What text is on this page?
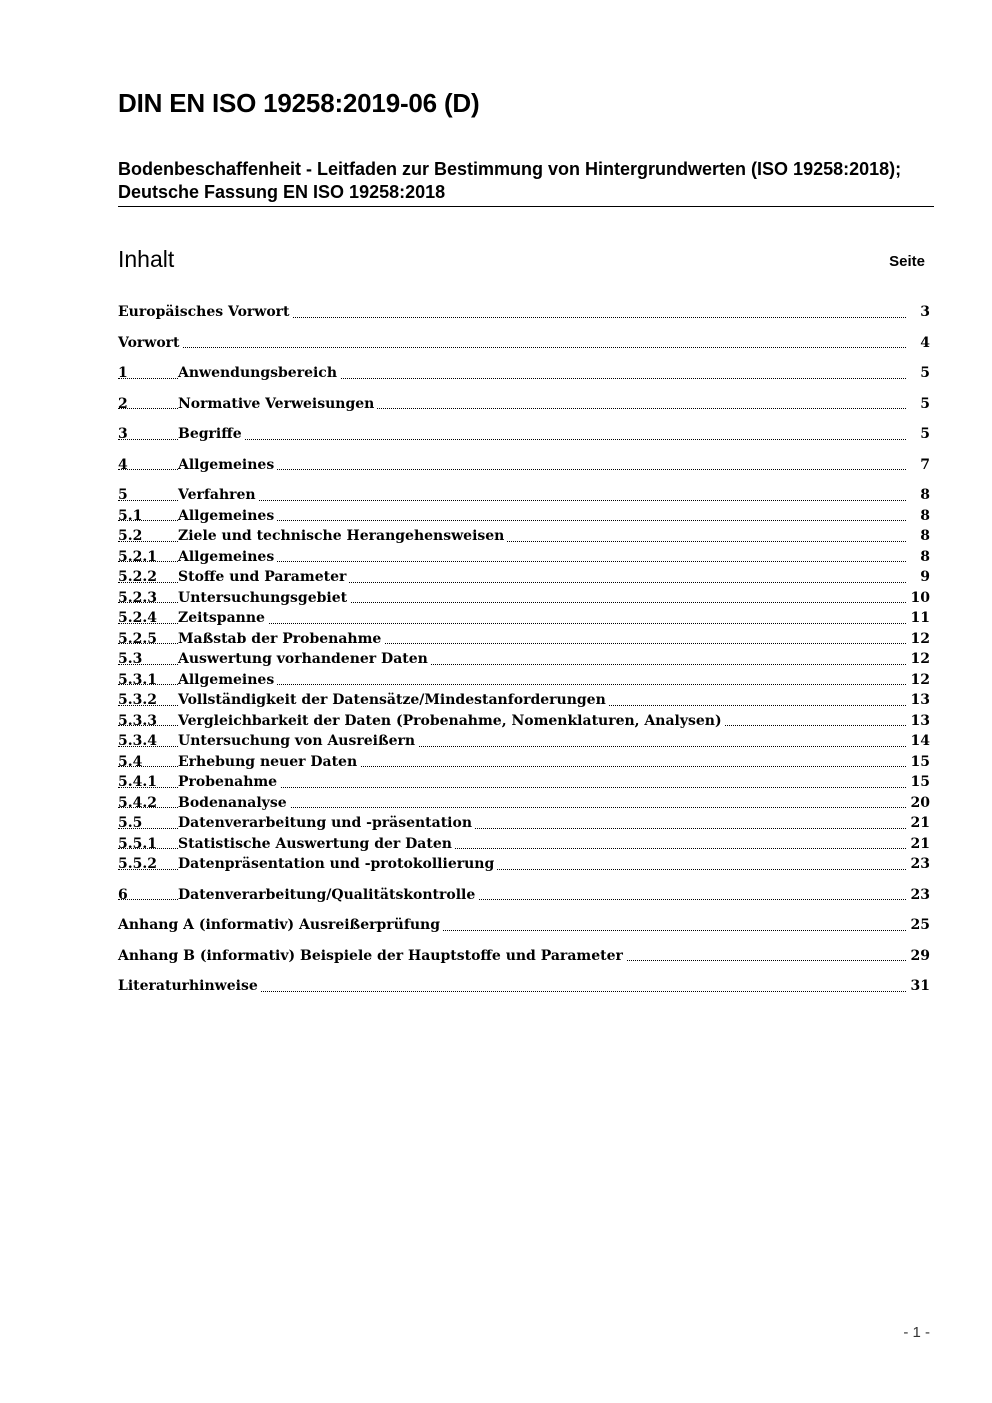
DIN EN ISO 19258:2019-06 (D)
Bodenbeschaffenheit - Leitfaden zur Bestimmung von Hintergrundwerten (ISO 19258:2018); Deutsche Fassung EN ISO 19258:2018
Inhalt	Seite
Europäisches Vorwort	3
Vorwort	4
1	Anwendungsbereich	5
2	Normative Verweisungen	5
3	Begriffe	5
4	Allgemeines	7
5	Verfahren	8
5.1	Allgemeines	8
5.2	Ziele und technische Herangehensweisen	8
5.2.1 Allgemeines	8
5.2.2 Stoffe und Parameter	9
5.2.3 Untersuchungsgebiet	10
5.2.4 Zeitspanne	11
5.2.5 Maßstab der Probenahme	12
5.3	Auswertung vorhandener Daten	12
5.3.1 Allgemeines	12
5.3.2 Vollständigkeit der Datensätze/Mindestanforderungen	13
5.3.3 Vergleichbarkeit der Daten (Probenahme, Nomenklaturen, Analysen)	13
5.3.4 Untersuchung von Ausreißern	14
5.4	Erhebung neuer Daten	15
5.4.1 Probenahme	15
5.4.2 Bodenanalyse	20
5.5	Datenverarbeitung und -präsentation	21
5.5.1 Statistische Auswertung der Daten	21
5.5.2 Datenpräsentation und -protokollierung	23
6	Datenverarbeitung/Qualitätskontrolle	23
Anhang A (informativ) Ausreißerprüfung	25
Anhang B (informativ) Beispiele der Hauptstoffe und Parameter	29
Literaturhinweise	31
- 1 -
